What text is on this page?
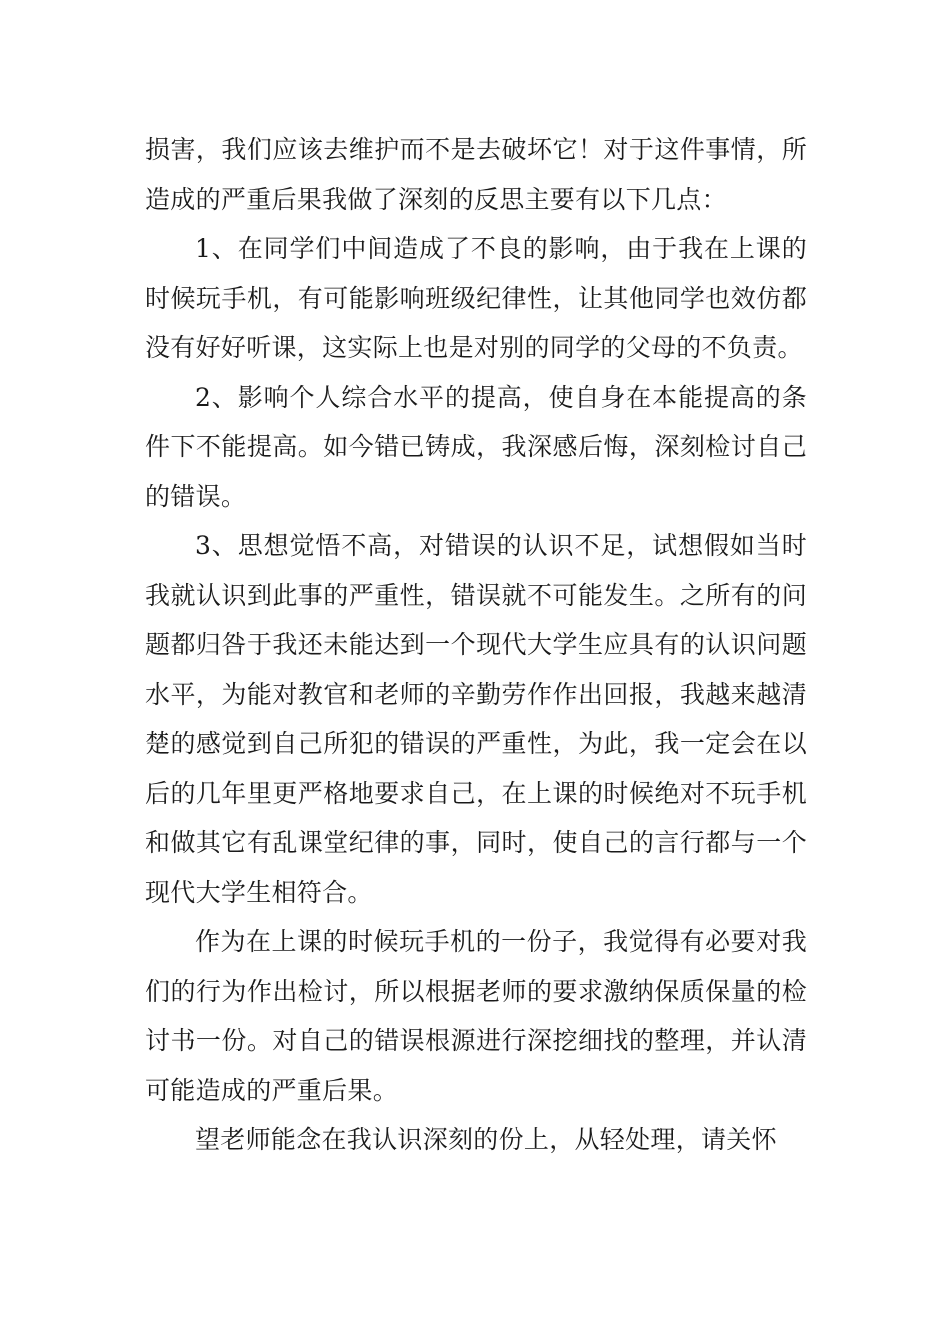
损害，我们应该去维护而不是去破坏它！对于这件事情，所造成的严重后果我做了深刻的反思主要有以下几点：

1、在同学们中间造成了不良的影响，由于我在上课的时候玩手机，有可能影响班级纪律性，让其他同学也效仿都没有好好听课，这实际上也是对别的同学的父母的不负责。

2、影响个人综合水平的提高，使自身在本能提高的条件下不能提高。如今错已铸成，我深感后悔，深刻检讨自己的错误。

3、思想觉悟不高，对错误的认识不足，试想假如当时我就认识到此事的严重性，错误就不可能发生。之所有的问题都归咎于我还未能达到一个现代大学生应具有的认识问题水平，为能对教官和老师的辛勤劳作作出回报，我越来越清楚的感觉到自己所犯的错误的严重性，为此，我一定会在以后的几年里更严格地要求自己，在上课的时候绝对不玩手机和做其它有乱课堂纪律的事，同时，使自己的言行都与一个现代大学生相符合。

作为在上课的时候玩手机的一份子，我觉得有必要对我们的行为作出检讨，所以根据老师的要求激纳保质保量的检讨书一份。对自己的错误根源进行深挖细找的整理，并认清可能造成的严重后果。

望老师能念在我认识深刻的份上，从轻处理，请关怀
